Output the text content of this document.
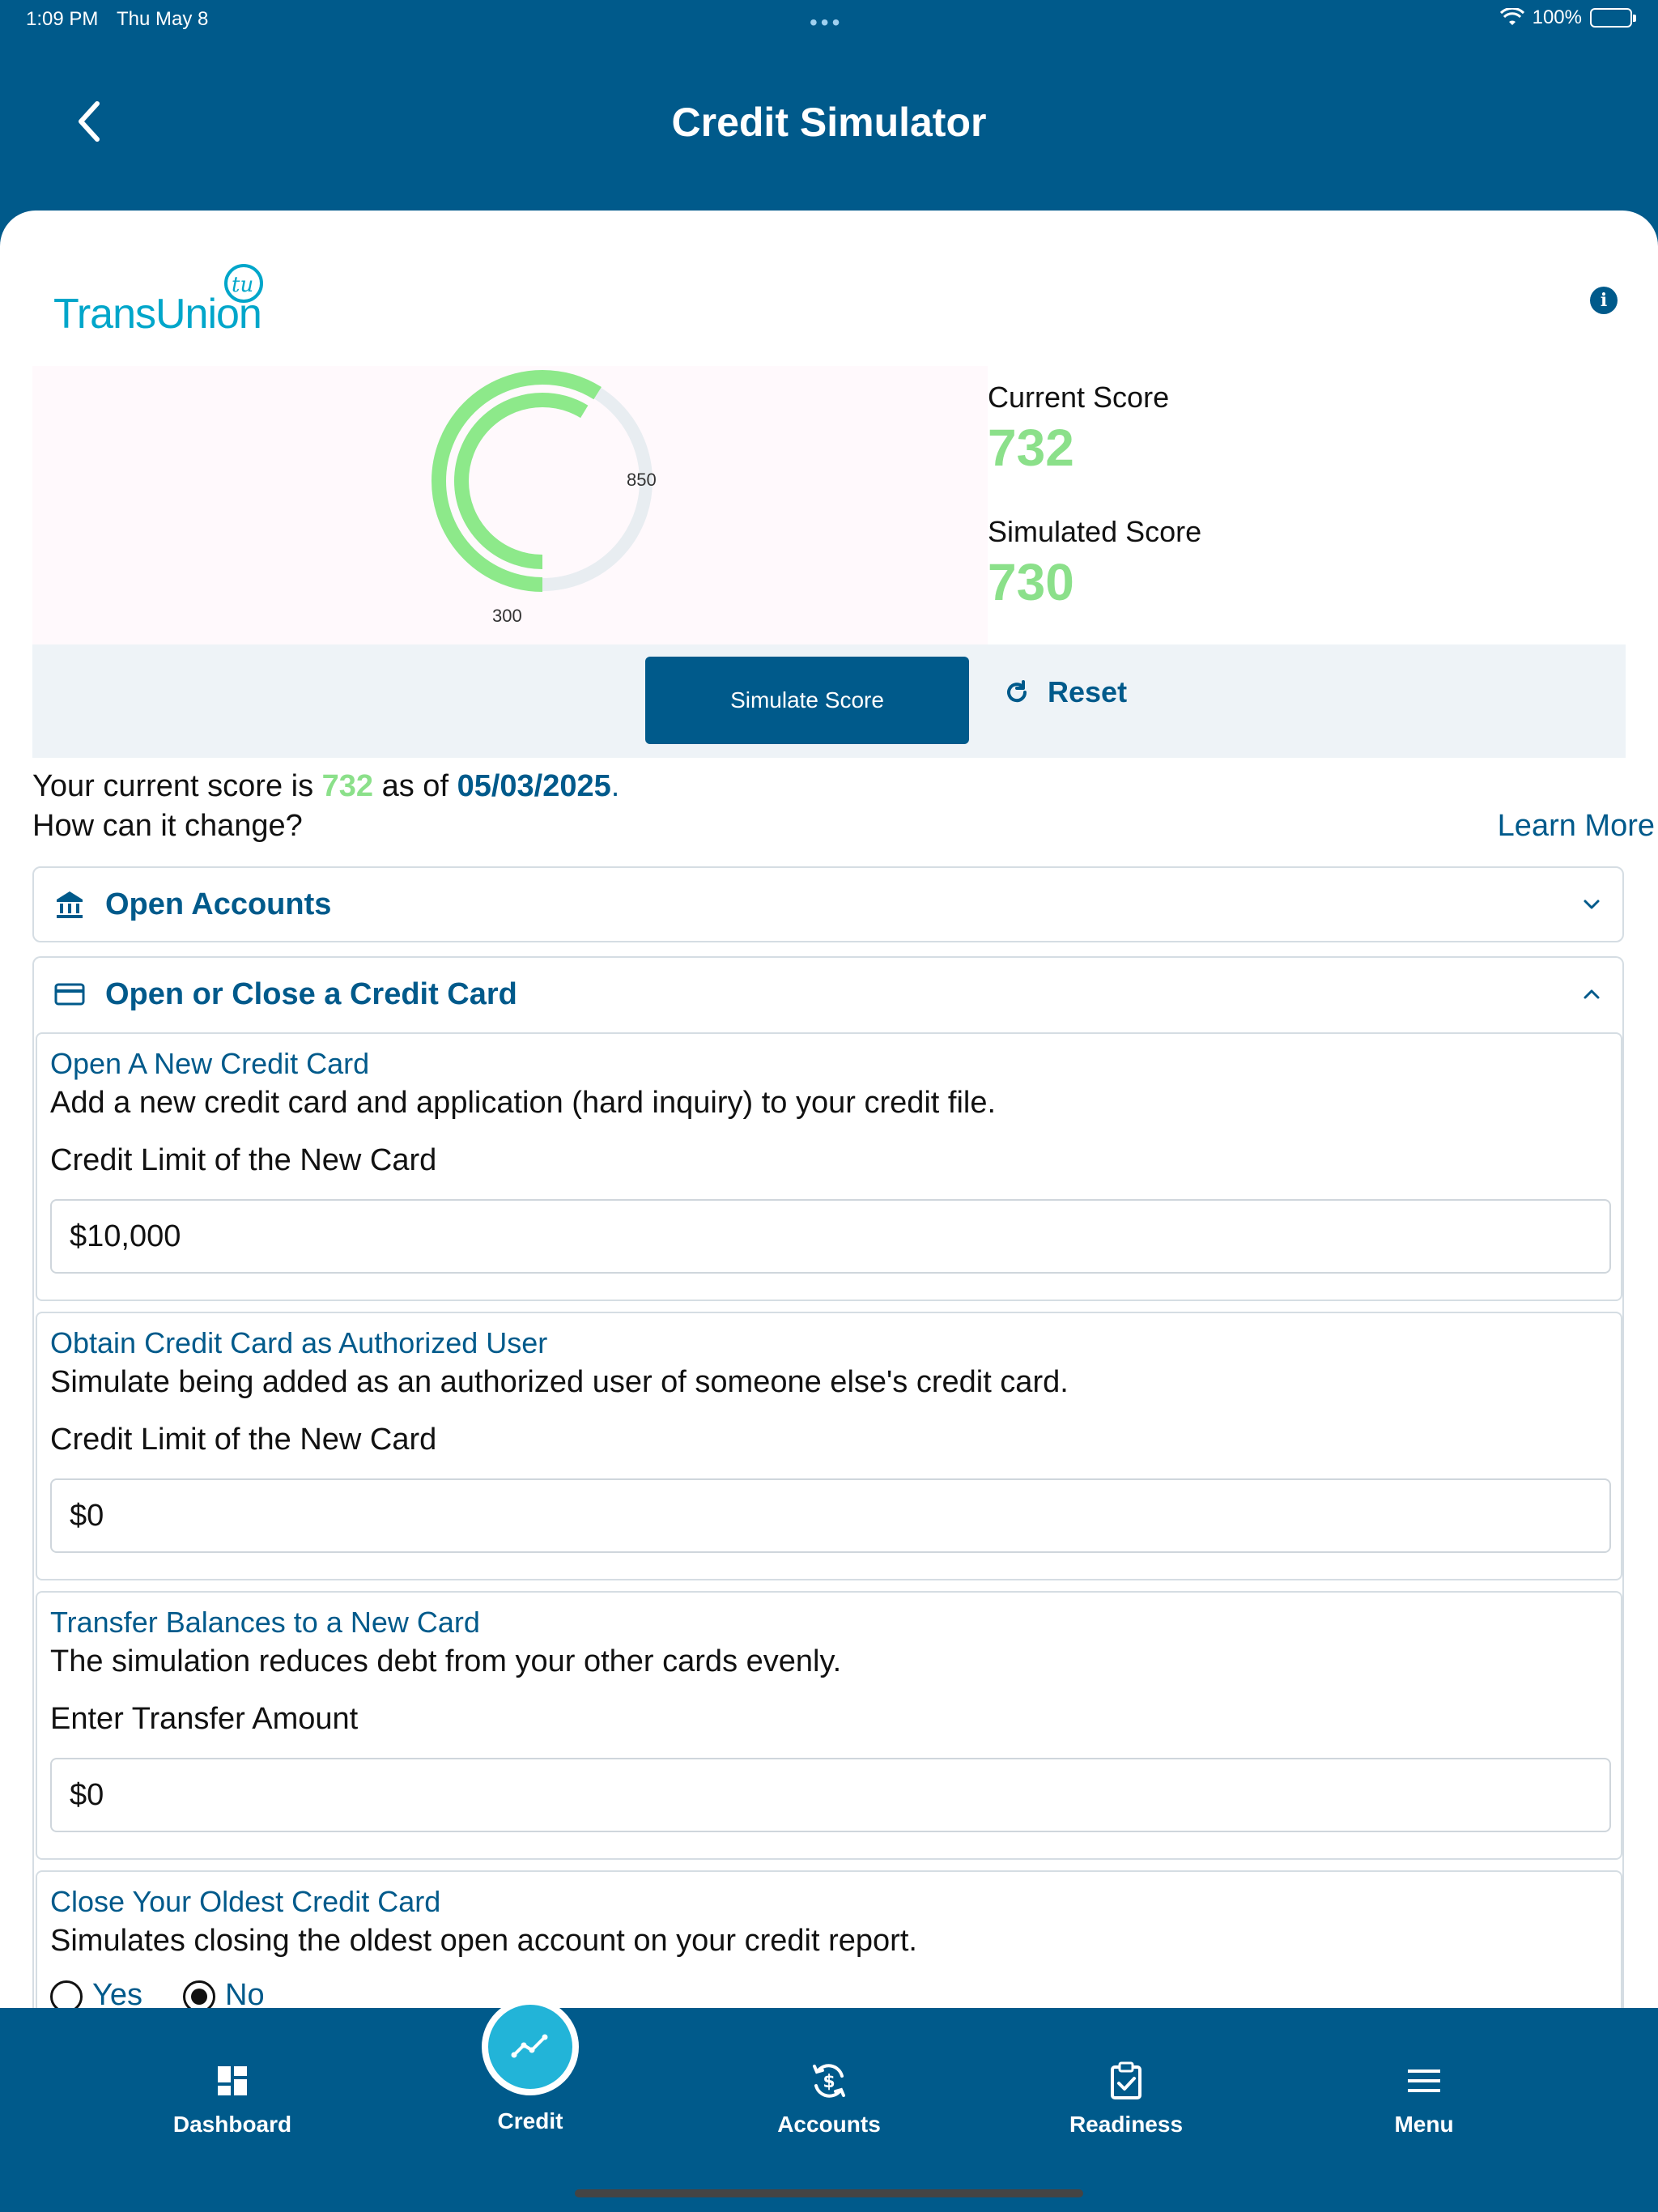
1:09 PM Thu May 8	•••	100%
Credit Simulator
tu
TransUnion	i
850
300
Current Score
732
Simulated Score
730
Simulate Score	Reset
Your current score is 732 as of 05/03/2025.
How can it change?	Learn More
Open Accounts
Open or Close a Credit Card
Open A New Credit Card
Add a new credit card and application (hard inquiry) to your credit file.
Credit Limit of the New Card
$10,000
Obtain Credit Card as Authorized User
Simulate being added as an authorized user of someone else's credit card.
Credit Limit of the New Card
$0
Transfer Balances to a New Card
The simulation reduces debt from your other cards evenly.
Enter Transfer Amount
$0
Close Your Oldest Credit Card
Simulates closing the oldest open account on your credit report.
Yes	No
Dashboard	Credit
$
Accounts	Readiness	Menu
